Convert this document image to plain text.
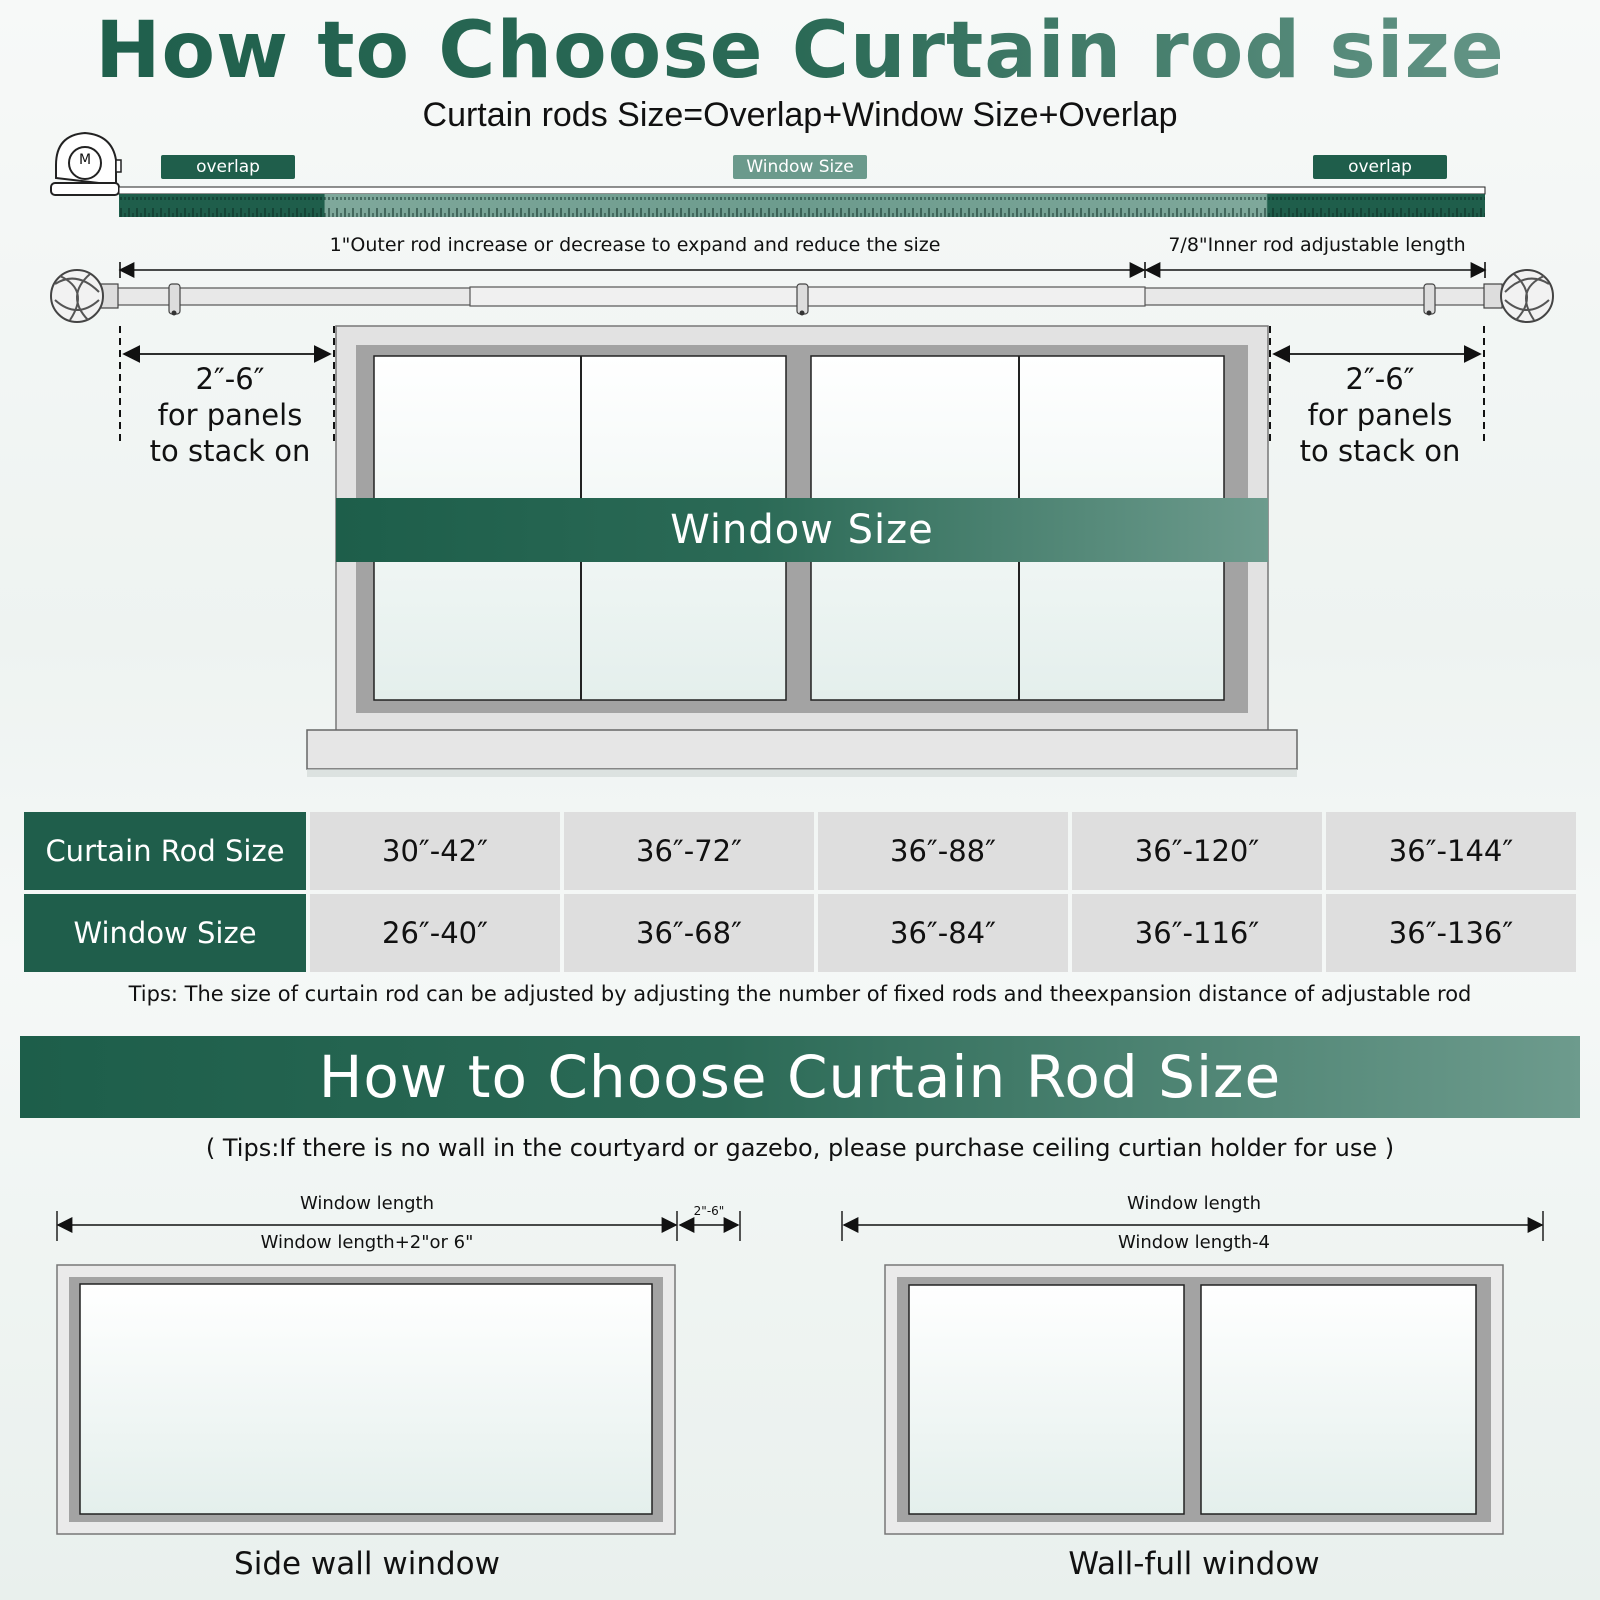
How to Choose Curtain rod size
Curtain rods Size=Overlap+Window Size+Overlap
M	overlap	Window Size	overlap
1"Outer rod increase or decrease to expand and reduce the size	7/8"Inner rod adjustable length
2″-6″
for panels
to stack on
2″-6″
for panels
to stack on
Window Size
Curtain Rod Size	30″-42″	36″-72″	36″-88″	36″-120″	36″-144″
Window Size	26″-40″	36″-68″	36″-84″	36″-116″	36″-136″
Tips: The size of curtain rod can be adjusted by adjusting the number of fixed rods and theexpansion distance of adjustable rod
How to Choose Curtain Rod Size
( Tips:If there is no wall in the courtyard or gazebo, please purchase ceiling curtian holder for use )
Window length
Window length+2"or 6"
2"-6"
Side wall window
Window length
Window length-4
Wall-full window
